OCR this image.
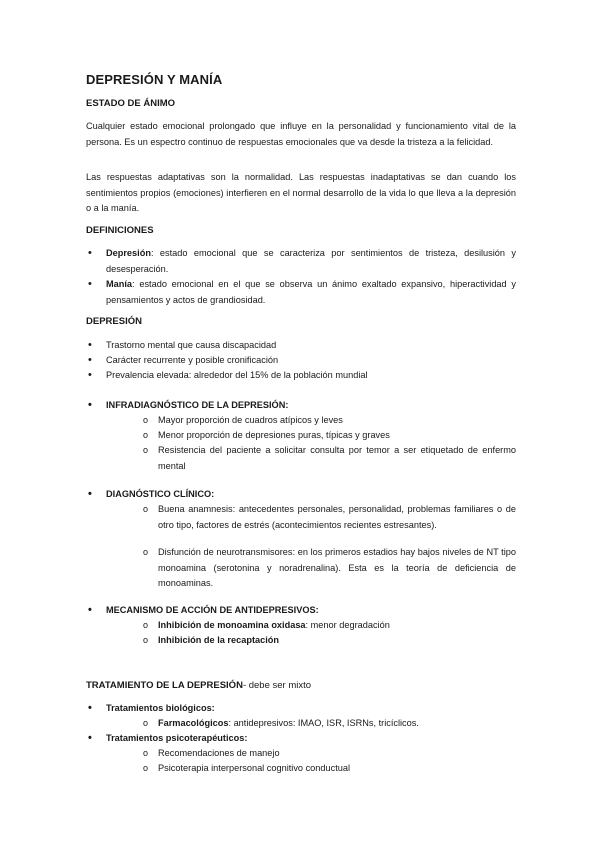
DEPRESIÓN Y MANÍA
ESTADO DE ÁNIMO
Cualquier estado emocional prolongado que influye en la personalidad y funcionamiento vital de la persona. Es un espectro continuo de respuestas emocionales que va desde la tristeza a la felicidad.
Las respuestas adaptativas son la normalidad. Las respuestas inadaptativas se dan cuando los sentimientos propios (emociones) interfieren en el normal desarrollo de la vida lo que lleva a la depresión o a la manía.
DEFINICIONES
• Depresión: estado emocional que se caracteriza por sentimientos de tristeza, desilusión y desesperación.
• Manía: estado emocional en el que se observa un ánimo exaltado expansivo, hiperactividad y pensamientos y actos de grandiosidad.
DEPRESIÓN
• Trastorno mental que causa discapacidad
• Carácter recurrente y posible cronificación
• Prevalencia elevada: alrededor del 15% de la población mundial
• INFRADIAGNÓSTICO DE LA DEPRESIÓN:
o Mayor proporción de cuadros atípicos y leves
o Menor proporción de depresiones puras, típicas y graves
o Resistencia del paciente a solicitar consulta por temor a ser etiquetado de enfermo mental
• DIAGNÓSTICO CLÍNICO:
o Buena anamnesis: antecedentes personales, personalidad, problemas familiares o de otro tipo, factores de estrés (acontecimientos recientes estresantes).
o Disfunción de neurotransmisores: en los primeros estadios hay bajos niveles de NT tipo monoamina (serotonina y noradrenalina). Esta es la teoría de deficiencia de monoaminas.
• MECANISMO DE ACCIÓN DE ANTIDEPRESIVOS:
o Inhibición de monoamina oxidasa: menor degradación
o Inhibición de la recaptación
TRATAMIENTO DE LA DEPRESIÓN- debe ser mixto
• Tratamientos biológicos:
o Farmacológicos: antidepresivos: IMAO, ISR, ISRNs, tricíclicos.
• Tratamientos psicoterapéuticos:
o Recomendaciones de manejo
o Psicoterapia interpersonal cognitivo conductual
